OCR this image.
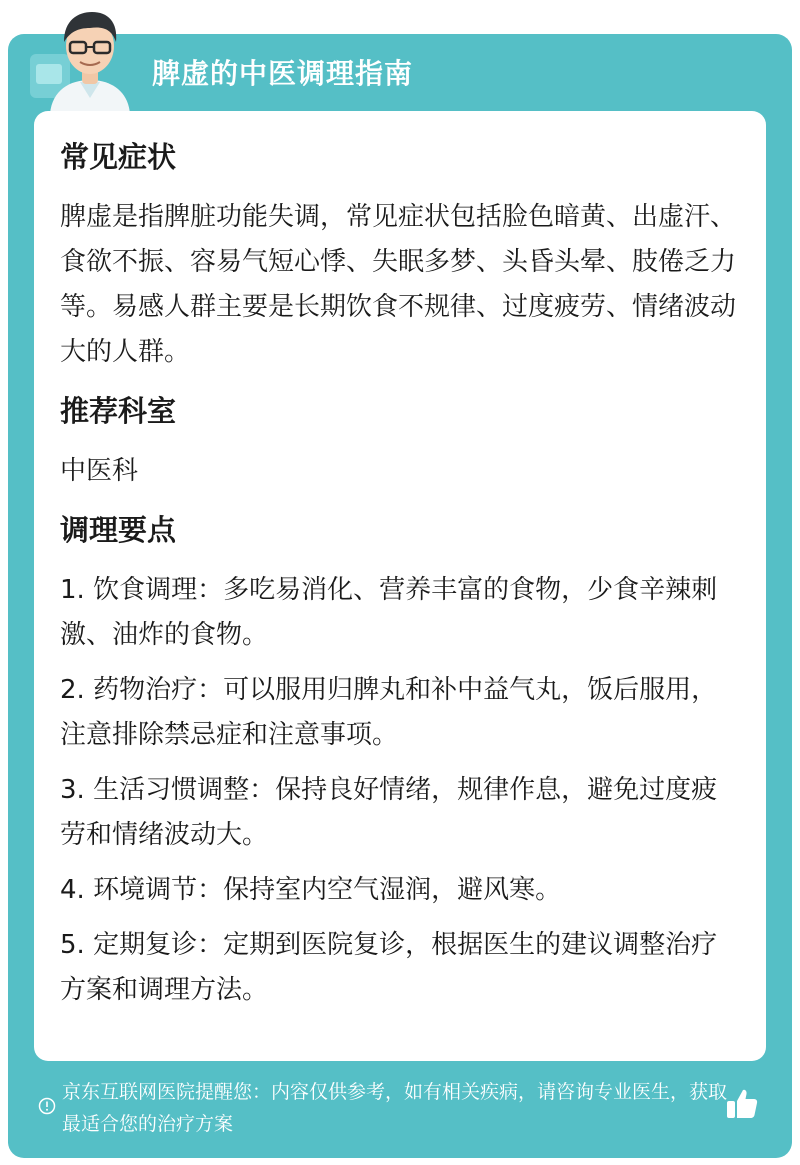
脾虚的中医调理指南
常见症状
脾虚是指脾脏功能失调，常见症状包括脸色暗黄、出虚汗、食欲不振、容易气短心悸、失眠多梦、头昏头晕、肢倦乏力等。易感人群主要是长期饮食不规律、过度疲劳、情绪波动大的人群。
推荐科室
中医科
调理要点
1. 饮食调理：多吃易消化、营养丰富的食物，少食辛辣刺激、油炸的食物。
2. 药物治疗：可以服用归脾丸和补中益气丸，饭后服用，注意排除禁忌症和注意事项。
3. 生活习惯调整：保持良好情绪，规律作息，避免过度疲劳和情绪波动大。
4. 环境调节：保持室内空气湿润，避风寒。
5. 定期复诊：定期到医院复诊，根据医生的建议调整治疗方案和调理方法。
京东互联网医院提醒您：内容仅供参考，如有相关疾病，请咨询专业医生，获取最适合您的治疗方案
